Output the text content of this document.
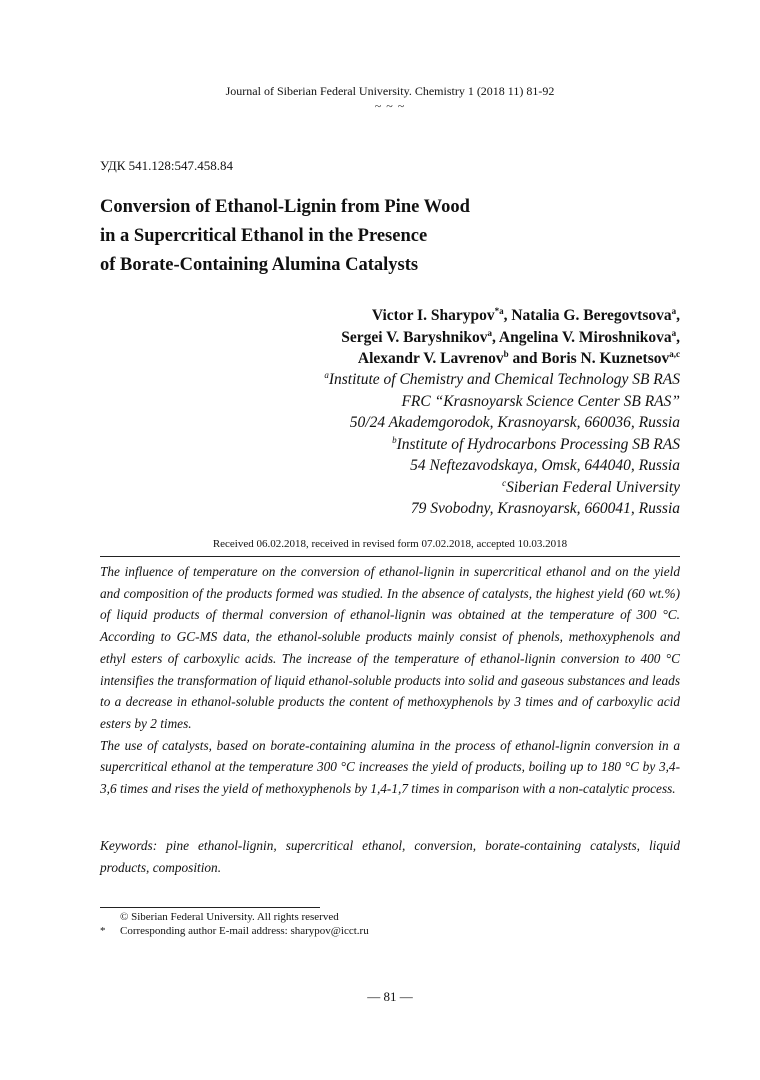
Journal of Siberian Federal University. Chemistry 1 (2018 11) 81-92
~ ~ ~
УДК 541.128:547.458.84
Conversion of Ethanol-Lignin from Pine Wood
in a Supercritical Ethanol in the Presence
of Borate-Containing Alumina Catalysts
Victor I. Sharypov$^{*a}$, Natalia G. Beregovtsova$^a$,
Sergei V. Baryshnikov$^a$, Angelina V. Miroshnikova$^a$,
Alexandr V. Lavrenov$^b$ and Boris N. Kuznetsov$^{a,c}$
$^a$Institute of Chemistry and Chemical Technology SB RAS
FRC “Krasnoyarsk Science Center SB RAS”
50/24 Akademgorodok, Krasnoyarsk, 660036, Russia
$^b$Institute of Hydrocarbons Processing SB RAS
54 Neftezavodskaya, Omsk, 644040, Russia
$^c$Siberian Federal University
79 Svobodny, Krasnoyarsk, 660041, Russia
Received 06.02.2018, received in revised form 07.02.2018, accepted 10.03.2018

The influence of temperature on the conversion of ethanol-lignin in supercritical ethanol and on the yield and composition of the products formed was studied. In the absence of catalysts, the highest yield (60 wt.%) of liquid products of thermal conversion of ethanol-lignin was obtained at the temperature of 300 °C. According to GC-MS data, the ethanol-soluble products mainly consist of phenols, methoxyphenols and ethyl esters of carboxylic acids. The increase of the temperature of ethanol-lignin conversion to 400 °C intensifies the transformation of liquid ethanol-soluble products into solid and gaseous substances and leads to a decrease in ethanol-soluble products the content of methoxyphenols by 3 times and of carboxylic acid esters by 2 times.

The use of catalysts, based on borate-containing alumina in the process of ethanol-lignin conversion in a supercritical ethanol at the temperature 300 °C increases the yield of products, boiling up to 180 °C by 3,4-3,6 times and rises the yield of methoxyphenols by 1,4-1,7 times in comparison with a non-catalytic process.

Keywords: pine ethanol-lignin, supercritical ethanol, conversion, borate-containing catalysts, liquid products, composition.
© Siberian Federal University. All rights reserved
*	Corresponding author E-mail address: sharypov@icct.ru
— 81 —
